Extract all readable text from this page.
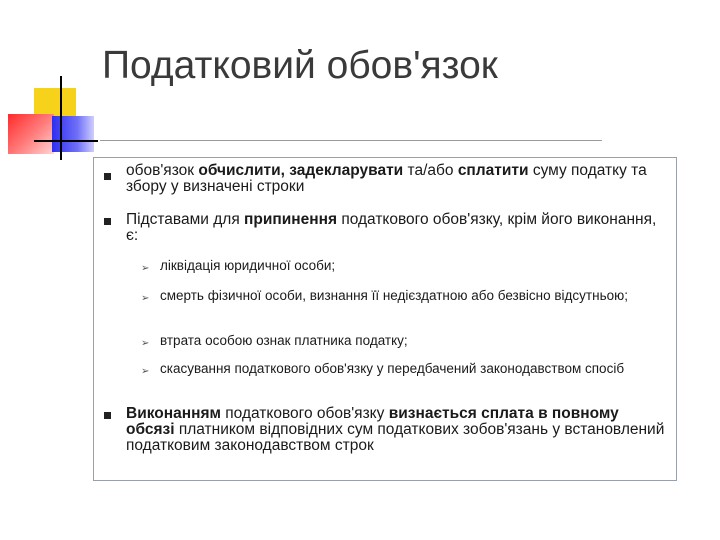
Податковий обов'язок
обов'язок обчислити, задекларувати та/або сплатити суму податку та збору у визначені строки
Підставами для припинення податкового обов'язку, крім його виконання, є:
➢ ліквідація юридичної особи;
➢ смерть фізичної особи, визнання її недієздатною або безвісно відсутньою;
➢ втрата особою ознак платника податку;
➢ скасування податкового обов'язку у передбачений законодавством спосіб
Виконанням податкового обов'язку визнається сплата в повному обсязі платником відповідних сум податкових зобов'язань у встановлений податковим законодавством строк
